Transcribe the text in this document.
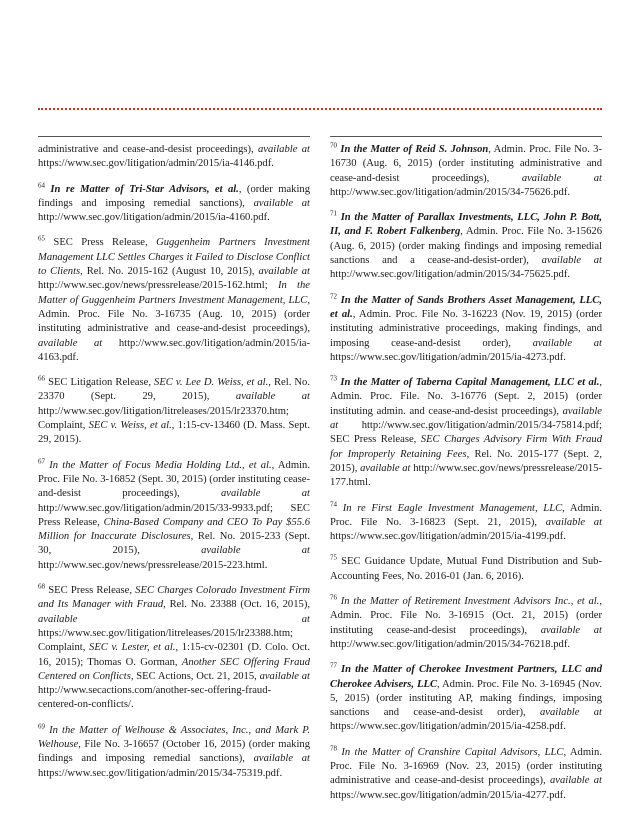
administrative and cease-and-desist proceedings), available at https://www.sec.gov/litigation/admin/2015/ia-4146.pdf.

$^{64}$ In re Matter of Tri-Star Advisors, et al., (order making findings and imposing remedial sanctions), available at http://www.sec.gov/litigation/admin/2015/ia-4160.pdf.

$^{65}$ SEC Press Release, Guggenheim Partners Investment Management LLC Settles Charges it Failed to Disclose Conflict to Clients, Rel. No. 2015-162 (August 10, 2015), available at http://www.sec.gov/news/pressrelease/2015-162.html; In the Matter of Guggenheim Partners Investment Management, LLC, Admin. Proc. File No. 3-16735 (Aug. 10, 2015) (order instituting administrative and cease-and-desist proceedings), available at http://www.sec.gov/litigation/admin/2015/ia-4163.pdf.

$^{66}$ SEC Litigation Release, SEC v. Lee D. Weiss, et al., Rel. No. 23370 (Sept. 29, 2015), available at http://www.sec.gov/litigation/litreleases/2015/lr23370.htm; Complaint, SEC v. Weiss, et al., 1:15-cv-13460 (D. Mass. Sept. 29, 2015).

$^{67}$ In the Matter of Focus Media Holding Ltd., et al., Admin. Proc. File No. 3-16852 (Sept. 30, 2015) (order instituting cease-and-desist proceedings), available at http://www.sec.gov/litigation/admin/2015/33-9933.pdf; SEC Press Release, China-Based Company and CEO To Pay $55.6 Million for Inaccurate Disclosures, Rel. No. 2015-233 (Sept. 30, 2015), available at http://www.sec.gov/news/pressrelease/2015-223.html.

$^{68}$ SEC Press Release, SEC Charges Colorado Investment Firm and Its Manager with Fraud, Rel. No. 23388 (Oct. 16, 2015), available at https://www.sec.gov/litigation/litreleases/2015/lr23388.htm; Complaint, SEC v. Lester, et al., 1:15-cv-02301 (D. Colo. Oct. 16, 2015); Thomas O. Gorman, Another SEC Offering Fraud Centered on Conflicts, SEC Actions, Oct. 21, 2015, available at http://www.secactions.com/another-sec-offering-fraud-centered-on-conflicts/.

$^{69}$ In the Matter of Welhouse & Associates, Inc., and Mark P. Welhouse, File No. 3-16657 (October 16, 2015) (order making findings and imposing remedial sanctions), available at https://www.sec.gov/litigation/admin/2015/34-75319.pdf.

$^{70}$ In the Matter of Reid S. Johnson, Admin. Proc. File No. 3-16730 (Aug. 6, 2015) (order instituting administrative and cease-and-desist proceedings), available at http://www.sec.gov/litigation/admin/2015/34-75626.pdf.

$^{71}$ In the Matter of Parallax Investments, LLC, John P. Bott, II, and F. Robert Falkenberg, Admin. Proc. File No. 3-15626 (Aug. 6, 2015) (order making findings and imposing remedial sanctions and a cease-and-desist-order), available at http://www.sec.gov/litigation/admin/2015/34-75625.pdf.

$^{72}$ In the Matter of Sands Brothers Asset Management, LLC, et al., Admin. Proc. File No. 3-16223 (Nov. 19, 2015) (order instituting administrative proceedings, making findings, and imposing cease-and-desist order), available at https://www.sec.gov/litigation/admin/2015/ia-4273.pdf.

$^{73}$ In the Matter of Taberna Capital Management, LLC et al., Admin. Proc. File. No. 3-16776 (Sept. 2, 2015) (order instituting admin. and cease-and-desist proceedings), available at http://www.sec.gov/litigation/admin/2015/34-75814.pdf; SEC Press Release, SEC Charges Advisory Firm With Fraud for Improperly Retaining Fees, Rel. No. 2015-177 (Sept. 2, 2015), available at http://www.sec.gov/news/pressrelease/2015-177.html.

$^{74}$ In re First Eagle Investment Management, LLC, Admin. Proc. File No. 3-16823 (Sept. 21, 2015), available at https://www.sec.gov/litigation/admin/2015/ia-4199.pdf.

$^{75}$ SEC Guidance Update, Mutual Fund Distribution and Sub-Accounting Fees, No. 2016-01 (Jan. 6, 2016).

$^{76}$ In the Matter of Retirement Investment Advisors Inc., et al., Admin. Proc. File No. 3-16915 (Oct. 21, 2015) (order instituting cease-and-desist proceedings), available at http://www.sec.gov/litigation/admin/2015/34-76218.pdf.

$^{77}$ In the Matter of Cherokee Investment Partners, LLC and Cherokee Advisers, LLC, Admin. Proc. File No. 3-16945 (Nov. 5, 2015) (order instituting AP, making findings, imposing sanctions and cease-and-desist order), available at https://www.sec.gov/litigation/admin/2015/ia-4258.pdf.

$^{78}$ In the Matter of Cranshire Capital Advisors, LLC, Admin. Proc. File No. 3-16969 (Nov. 23, 2015) (order instituting administrative and cease-and-desist proceedings), available at https://www.sec.gov/litigation/admin/2015/ia-4277.pdf.
